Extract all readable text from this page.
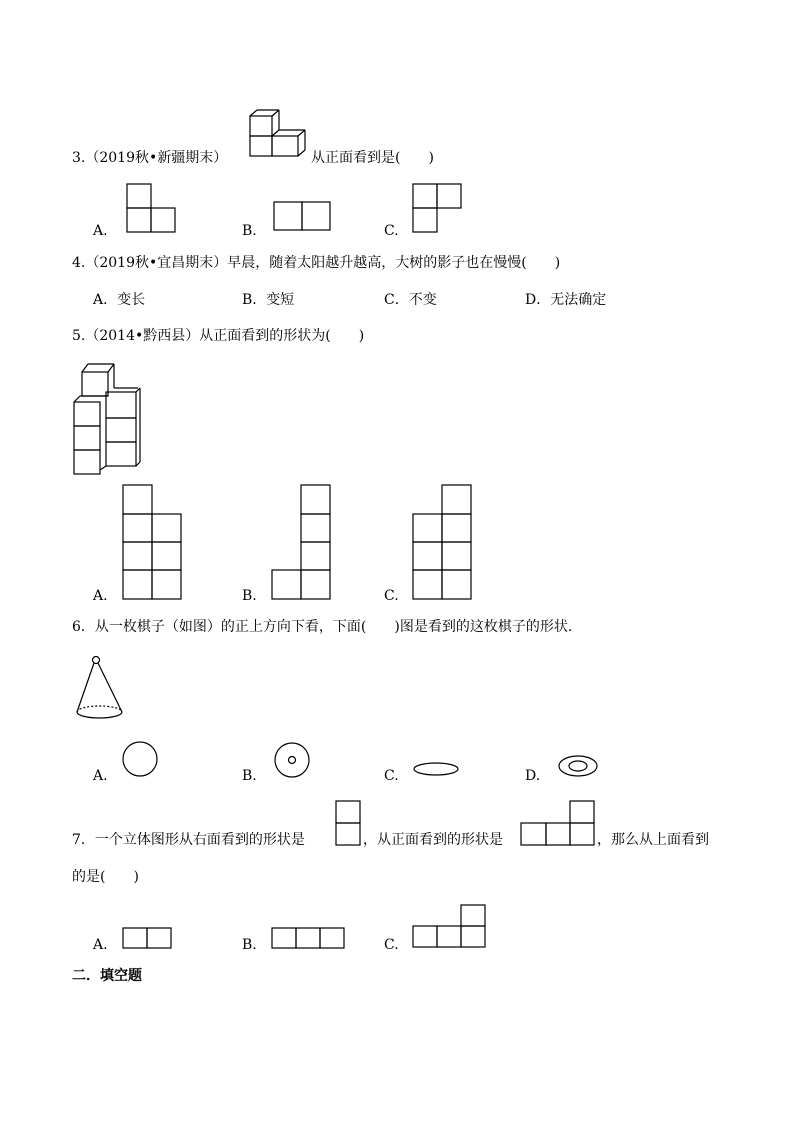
3.（2019秋•新疆期末）	从正面看到是(　　)
A.	B.	C.
4.（2019秋•宜昌期末）早晨，随着太阳越升越高，大树的影子也在慢慢(　　)
A．变长	B．变短	C．不变	D．无法确定
5.（2014•黔西县）从正面看到的形状为(　　)
A.	B.	C.
6．从一枚棋子（如图）的正上方向下看，下面(　　)图是看到的这枚棋子的形状．
A.	B.	C.	D.
7．一个立体图形从右面看到的形状是	，从正面看到的形状是	，那么从上面看到
的是(　　)
A.	B.	C.
二．填空题
